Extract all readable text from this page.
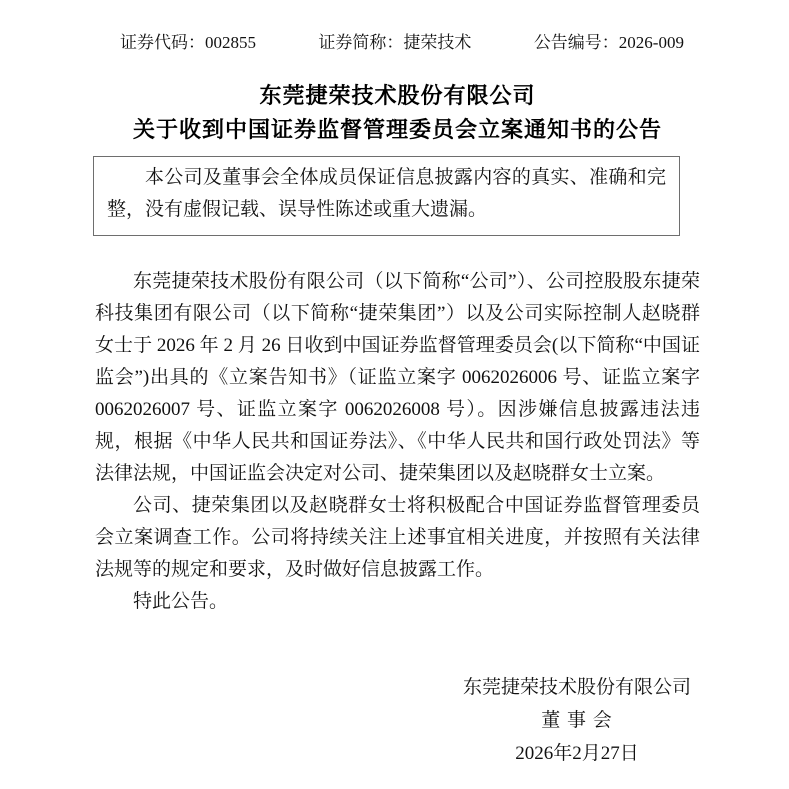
证券代码：002855	证券简称：捷荣技术	公告编号：2026-009
东莞捷荣技术股份有限公司
关于收到中国证券监督管理委员会立案通知书的公告

本公司及董事会全体成员保证信息披露内容的真实、准确和完整，没有虚假记载、误导性陈述或重大遗漏。

东莞捷荣技术股份有限公司（以下简称“公司”）、公司控股股东捷荣科技集团有限公司（以下简称“捷荣集团”）以及公司实际控制人赵晓群女士于 2026 年 2 月 26 日收到中国证券监督管理委员会(以下简称“中国证监会”)出具的《立案告知书》（证监立案字 0062026006 号、证监立案字 0062026007 号、证监立案字 0062026008 号）。因涉嫌信息披露违法违规，根据《中华人民共和国证券法》、《中华人民共和国行政处罚法》等法律法规，中国证监会决定对公司、捷荣集团以及赵晓群女士立案。

公司、捷荣集团以及赵晓群女士将积极配合中国证券监督管理委员会立案调查工作。公司将持续关注上述事宜相关进度，并按照有关法律法规等的规定和要求，及时做好信息披露工作。

特此公告。

东莞捷荣技术股份有限公司
董 事 会
2026年2月27日
